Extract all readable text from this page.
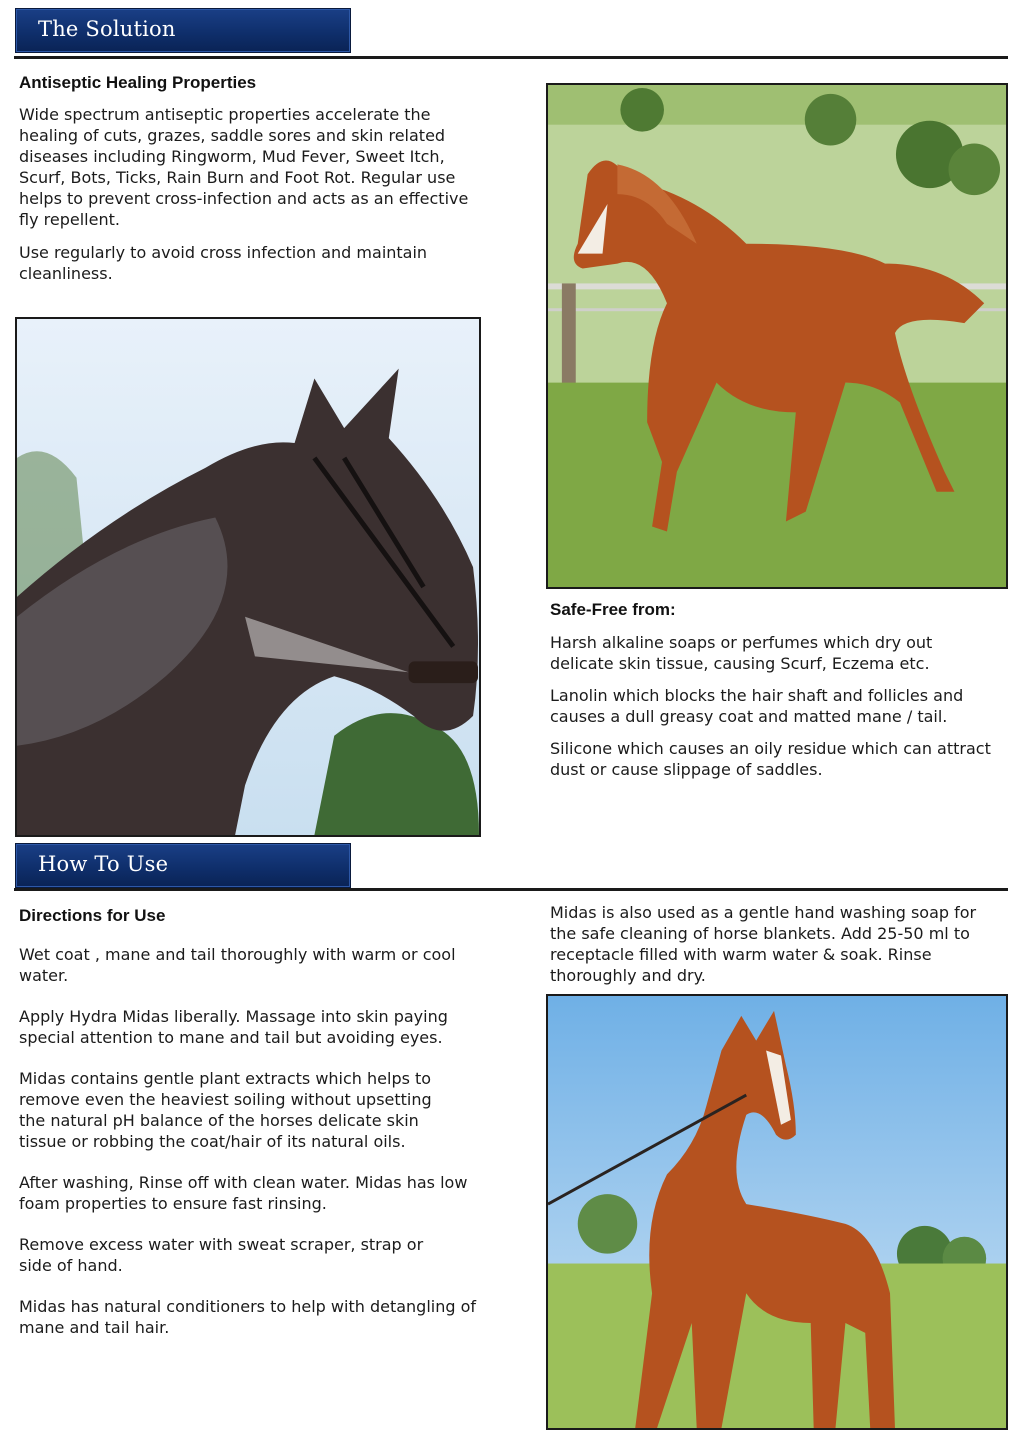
The Solution
Antiseptic Healing Properties

Wide spectrum antiseptic properties accelerate the healing of cuts, grazes, saddle sores and skin related diseases including Ringworm, Mud Fever, Sweet Itch, Scurf, Bots, Ticks, Rain Burn and Foot Rot. Regular use helps to prevent cross-infection and acts as an effective fly repellent.

Use regularly to avoid cross infection and maintain cleanliness.

Safe-Free from:

Harsh alkaline soaps or perfumes which dry out delicate skin tissue, causing Scurf, Eczema etc.

Lanolin which blocks the hair shaft and follicles and causes a dull greasy coat and matted mane / tail.

Silicone which causes an oily residue which can attract dust or cause slippage of saddles.

How To Use
Directions for Use

Wet coat , mane and tail thoroughly with warm or cool water.

Apply Hydra Midas liberally. Massage into skin paying special attention to mane and tail but avoiding eyes.

Midas contains gentle plant extracts which helps to remove even the heaviest soiling without upsetting the natural pH balance of the horses delicate skin tissue or robbing the coat/hair of its natural oils.

After washing, Rinse off with clean water. Midas has low foam properties to ensure fast rinsing.

Remove excess water with sweat scraper, strap or side of hand.

Midas has natural conditioners to help with detangling of mane and tail hair.

Midas is also used as a gentle hand washing soap for the safe cleaning of horse blankets. Add 25-50 ml to receptacle filled with warm water & soak. Rinse thoroughly and dry.
